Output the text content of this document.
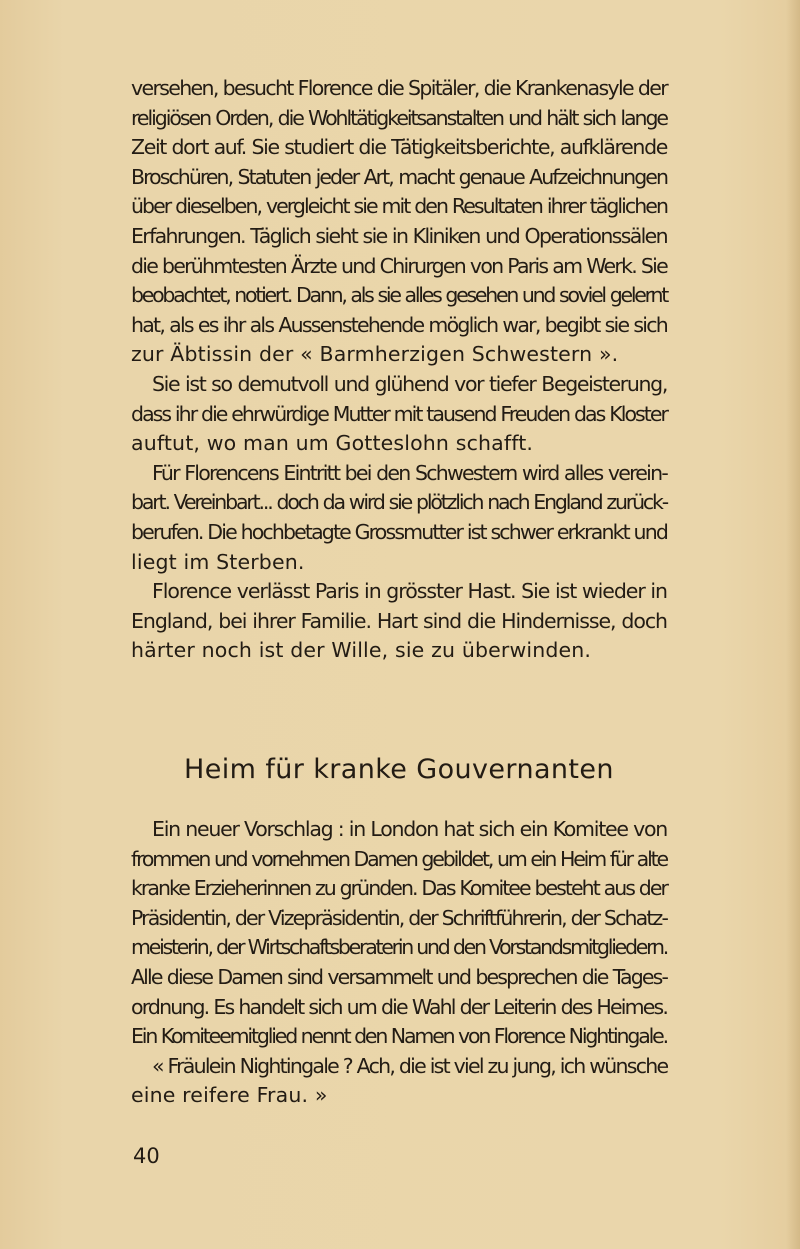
versehen, besucht Florence die Spitäler, die Krankenasyle der
religiösen Orden, die Wohltätigkeitsanstalten und hält sich lange
Zeit dort auf. Sie studiert die Tätigkeitsberichte, aufklärende
Broschüren, Statuten jeder Art, macht genaue Aufzeichnungen
über dieselben, vergleicht sie mit den Resultaten ihrer täglichen
Erfahrungen. Täglich sieht sie in Kliniken und Operationssälen
die berühmtesten Ärzte und Chirurgen von Paris am Werk. Sie
beobachtet, notiert. Dann, als sie alles gesehen und soviel gelernt
hat, als es ihr als Aussenstehende möglich war, begibt sie sich
zur Äbtissin der « Barmherzigen Schwestern ».
Sie ist so demutvoll und glühend vor tiefer Begeisterung,
dass ihr die ehrwürdige Mutter mit tausend Freuden das Kloster
auftut, wo man um Gotteslohn schafft.
Für Florencens Eintritt bei den Schwestern wird alles verein-
bart. Vereinbart... doch da wird sie plötzlich nach England zurück-
berufen. Die hochbetagte Grossmutter ist schwer erkrankt und
liegt im Sterben.
Florence verlässt Paris in grösster Hast. Sie ist wieder in
England, bei ihrer Familie. Hart sind die Hindernisse, doch
härter noch ist der Wille, sie zu überwinden.
Heim für kranke Gouvernanten
Ein neuer Vorschlag : in London hat sich ein Komitee von
frommen und vornehmen Damen gebildet, um ein Heim für alte
kranke Erzieherinnen zu gründen. Das Komitee besteht aus der
Präsidentin, der Vizepräsidentin, der Schriftführerin, der Schatz-
meisterin, der Wirtschaftsberaterin und den Vorstandsmitgliedern.
Alle diese Damen sind versammelt und besprechen die Tages-
ordnung. Es handelt sich um die Wahl der Leiterin des Heimes.
Ein Komiteemitglied nennt den Namen von Florence Nightingale.
« Fräulein Nightingale ? Ach, die ist viel zu jung, ich wünsche
eine reifere Frau. »
40
